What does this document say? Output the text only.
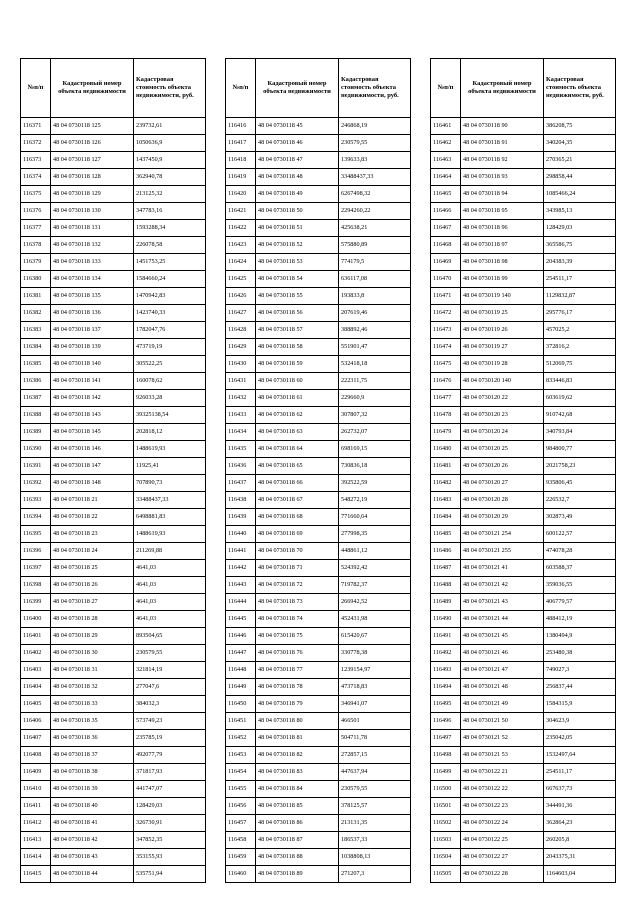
№п/п	Кадастровый номер объекта недвижимости	Кадастровая стоимость объекта недвижимости, руб.
116371	48 04 0730118 125	239732,61
116372	48 04 0730118 126	1050636,9
116373	48 04 0730118 127	1437450,9
116374	48 04 0730118 128	362940,78
116375	48 04 0730118 129	213125,32
116376	48 04 0730118 130	347783,16
116377	48 04 0730118 131	1593288,34
116378	48 04 0730118 132	226078,58
116379	48 04 0730118 133	1451753,25
116380	48 04 0730118 134	1584660,24
116381	48 04 0730118 135	1470942,83
116382	48 04 0730118 136	1423740,33
116383	48 04 0730118 137	1782047,76
116384	48 04 0730118 139	473719,19
116385	48 04 0730118 140	305522,25
116386	48 04 0730118 141	160078,62
116387	48 04 0730118 142	926033,28
116388	48 04 0730118 143	39325138,54
116389	48 04 0730118 145	202818,12
116390	48 04 0730118 146	1488619,93
116391	48 04 0730118 147	11925,41
116392	48 04 0730118 148	707890,73
116393	48 04 0730118 21	33488437,33
116394	48 04 0730118 22	6498881,83
116395	48 04 0730118 23	1488619,93
116396	48 04 0730118 24	211269,88
116397	48 04 0730118 25	4641,03
116398	48 04 0730118 26	4641,03
116399	48 04 0730118 27	4641,03
116400	48 04 0730118 28	4641,03
116401	48 04 0730118 29	893504,65
116402	48 04 0730118 30	230579,55
116403	48 04 0730118 31	321814,19
116404	48 04 0730118 32	277047,6
116405	48 04 0730118 33	384032,3
116406	48 04 0730118 35	573749,23
116407	48 04 0730118 36	235785,19
116408	48 04 0730118 37	492077,79
116409	48 04 0730118 38	371817,93
116410	48 04 0730118 39	441747,07
116411	48 04 0730118 40	128429,03
116412	48 04 0730118 41	326730,91
116413	48 04 0730118 42	347852,35
116414	48 04 0730118 43	353155,93
116415	48 04 0730118 44	535751,94
№п/п	Кадастровый номер объекта недвижимости	Кадастровая стоимость объекта недвижимости, руб.
116416	48 04 0730118 45	246868,19
116417	48 04 0730118 46	230579,55
116418	48 04 0730118 47	139633,83
116419	48 04 0730118 48	33488437,33
116420	48 04 0730118 49	6267498,32
116421	48 04 0730118 50	2294260,22
116422	48 04 0730118 51	425638,21
116423	48 04 0730118 52	575880,89
116424	48 04 0730118 53	774179,5
116425	48 04 0730118 54	636117,08
116426	48 04 0730118 55	193833,8
116427	48 04 0730118 56	207619,46
116428	48 04 0730118 57	388892,46
116429	48 04 0730118 58	551901,47
116430	48 04 0730118 59	532418,18
116431	48 04 0730118 60	222311,75
116432	48 04 0730118 61	229660,9
116433	48 04 0730118 62	307807,32
116434	48 04 0730118 63	262732,07
116435	48 04 0730118 64	698169,15
116436	48 04 0730118 65	730836,18
116437	48 04 0730118 66	392522,59
116438	48 04 0730118 67	548272,19
116439	48 04 0730118 68	771660,64
116440	48 04 0730118 69	277998,35
116441	48 04 0730118 70	448861,12
116442	48 04 0730118 71	524392,42
116443	48 04 0730118 72	719782,37
116444	48 04 0730118 73	266942,52
116445	48 04 0730118 74	452431,98
116446	48 04 0730118 75	615420,67
116447	48 04 0730118 76	330778,38
116448	48 04 0730118 77	1239154,97
116449	48 04 0730118 78	473718,83
116450	48 04 0730118 79	346941,07
116451	48 04 0730118 80	466501
116452	48 04 0730118 81	504711,78
116453	48 04 0730118 82	272857,15
116454	48 04 0730118 83	447637,94
116455	48 04 0730118 84	230579,55
116456	48 04 0730118 85	378125,57
116457	48 04 0730118 86	213131,35
116458	48 04 0730118 87	186537,33
116459	48 04 0730118 88	1038808,13
116460	48 04 0730118 89	271207,3
№п/п	Кадастровый номер объекта недвижимости	Кадастровая стоимость объекта недвижимости, руб.
116461	48 04 0730118 90	386208,75
116462	48 04 0730118 91	340204,35
116463	48 04 0730118 92	270365,21
116464	48 04 0730118 93	298858,44
116465	48 04 0730118 94	1085466,24
116466	48 04 0730118 95	343985,13
116467	48 04 0730118 96	128429,03
116468	48 04 0730118 97	365586,75
116469	48 04 0730118 98	204383,39
116470	48 04 0730118 99	254511,17
116471	48 04 0730119 140	1129832,87
116472	48 04 0730119 25	295776,17
116473	48 04 0730119 26	457025,2
116474	48 04 0730119 27	372816,2
116475	48 04 0730119 28	512069,75
116476	48 04 0730120 140	833446,83
116477	48 04 0730120 22	603619,62
116478	48 04 0730120 23	910742,68
116479	48 04 0730120 24	340793,84
116480	48 04 0730120 25	984800,77
116481	48 04 0730120 26	2021758,23
116482	48 04 0730120 27	935806,45
116483	48 04 0730120 28	226532,7
116484	48 04 0730120 29	302873,49
116485	48 04 0730121 254	600122,57
116486	48 04 0730121 255	474078,28
116487	48 04 0730121 41	603588,37
116488	48 04 0730121 42	359036,55
116489	48 04 0730121 43	406779,57
116490	48 04 0730121 44	488412,19
116491	48 04 0730121 45	1380494,9
116492	48 04 0730121 46	253480,38
116493	48 04 0730121 47	749027,3
116494	48 04 0730121 48	256837,44
116495	48 04 0730121 49	1584315,9
116496	48 04 0730121 50	304623,9
116497	48 04 0730121 52	235042,05
116498	48 04 0730121 53	1532497,64
116499	48 04 0730122 21	254511,17
116500	48 04 0730122 22	667637,73
116501	48 04 0730122 23	344491,36
116502	48 04 0730122 24	362864,23
116503	48 04 0730122 25	260205,8
116504	48 04 0730122 27	2043375,31
116505	48 04 0730122 28	1164603,04
